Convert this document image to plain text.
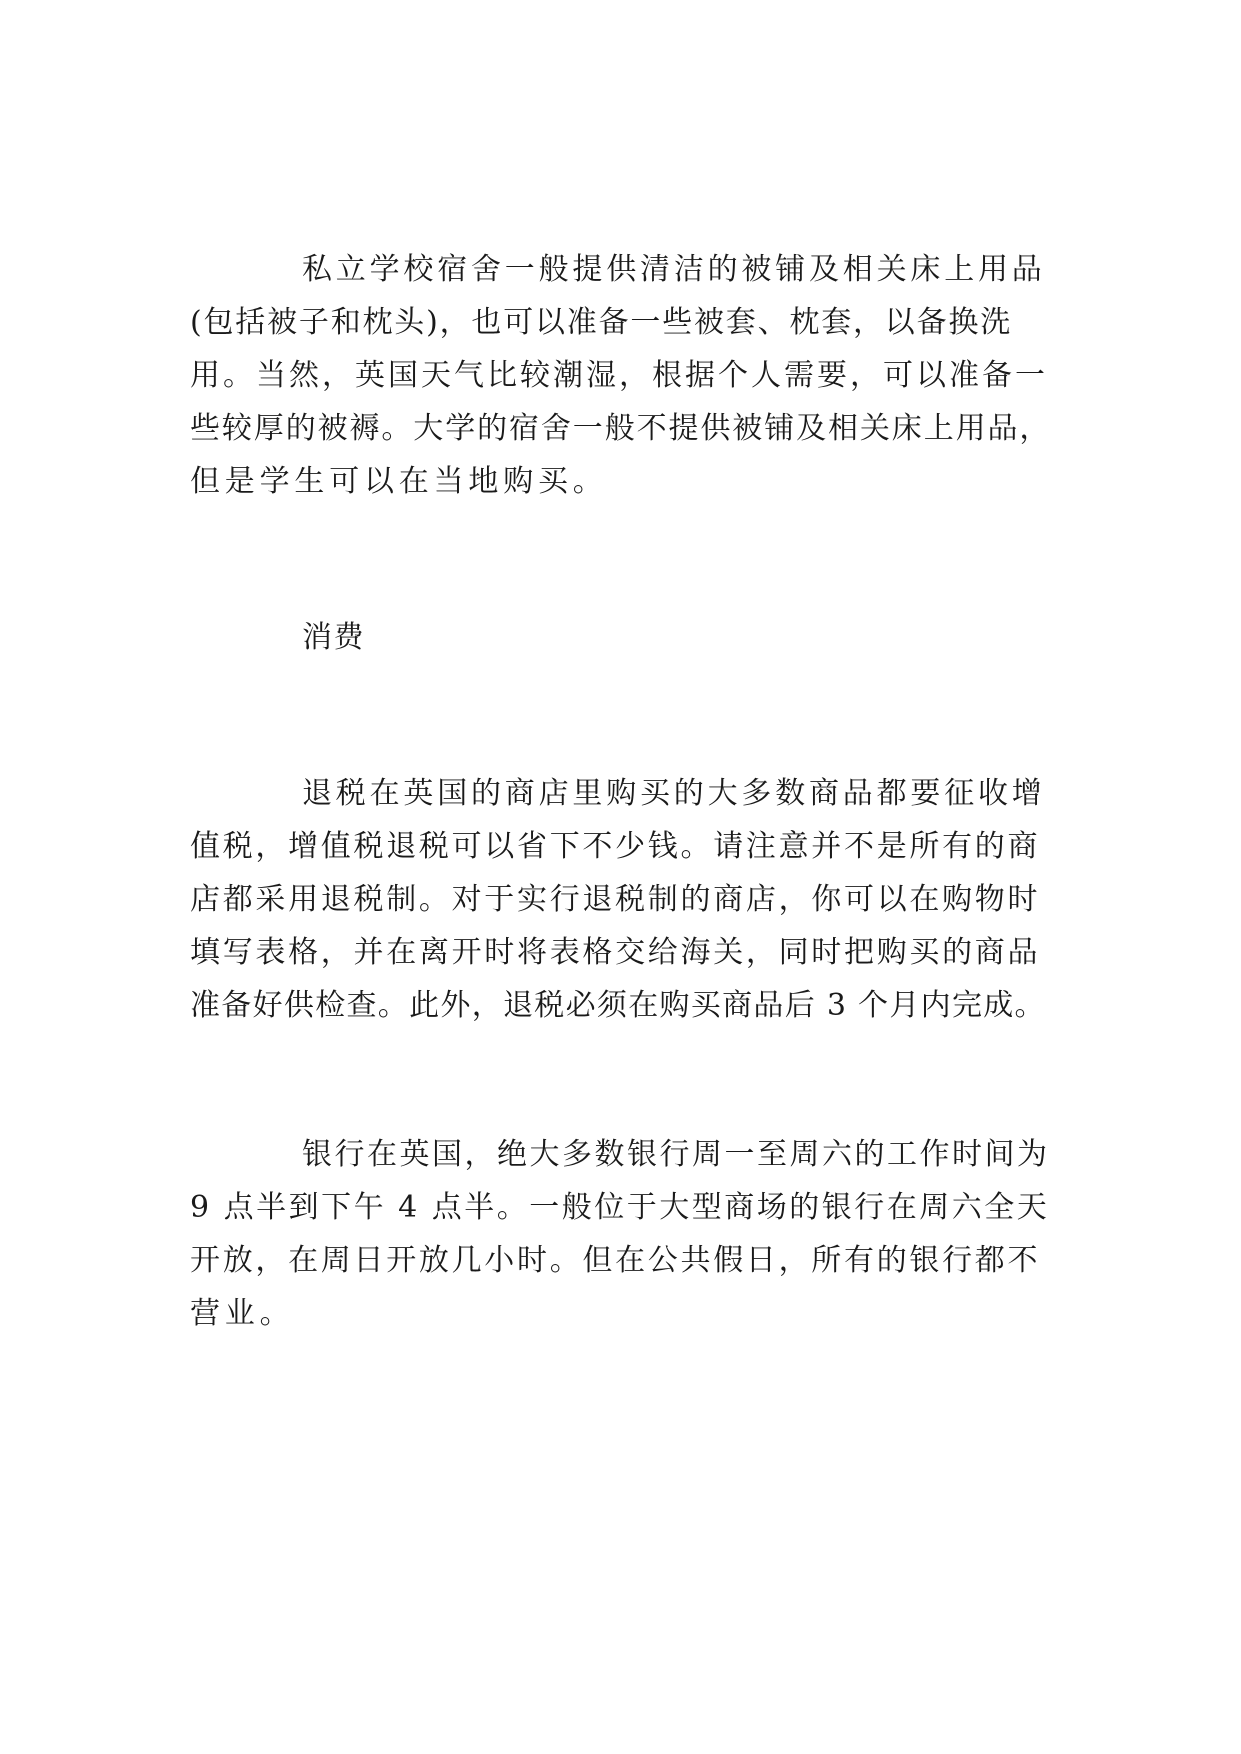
私立学校宿舍一般提供清洁的被铺及相关床上用品
(包括被子和枕头)，也可以准备一些被套、枕套，以备换洗
用。当然，英国天气比较潮湿，根据个人需要，可以准备一
些较厚的被褥。大学的宿舍一般不提供被铺及相关床上用品，
但是学生可以在当地购买。
消费
退税在英国的商店里购买的大多数商品都要征收增
值税，增值税退税可以省下不少钱。请注意并不是所有的商
店都采用退税制。对于实行退税制的商店，你可以在购物时
填写表格，并在离开时将表格交给海关，同时把购买的商品
准备好供检查。此外，退税必须在购买商品后 3 个月内完成。
银行在英国，绝大多数银行周一至周六的工作时间为
9 点半到下午 4 点半。一般位于大型商场的银行在周六全天
开放，在周日开放几小时。但在公共假日，所有的银行都不
营业。
